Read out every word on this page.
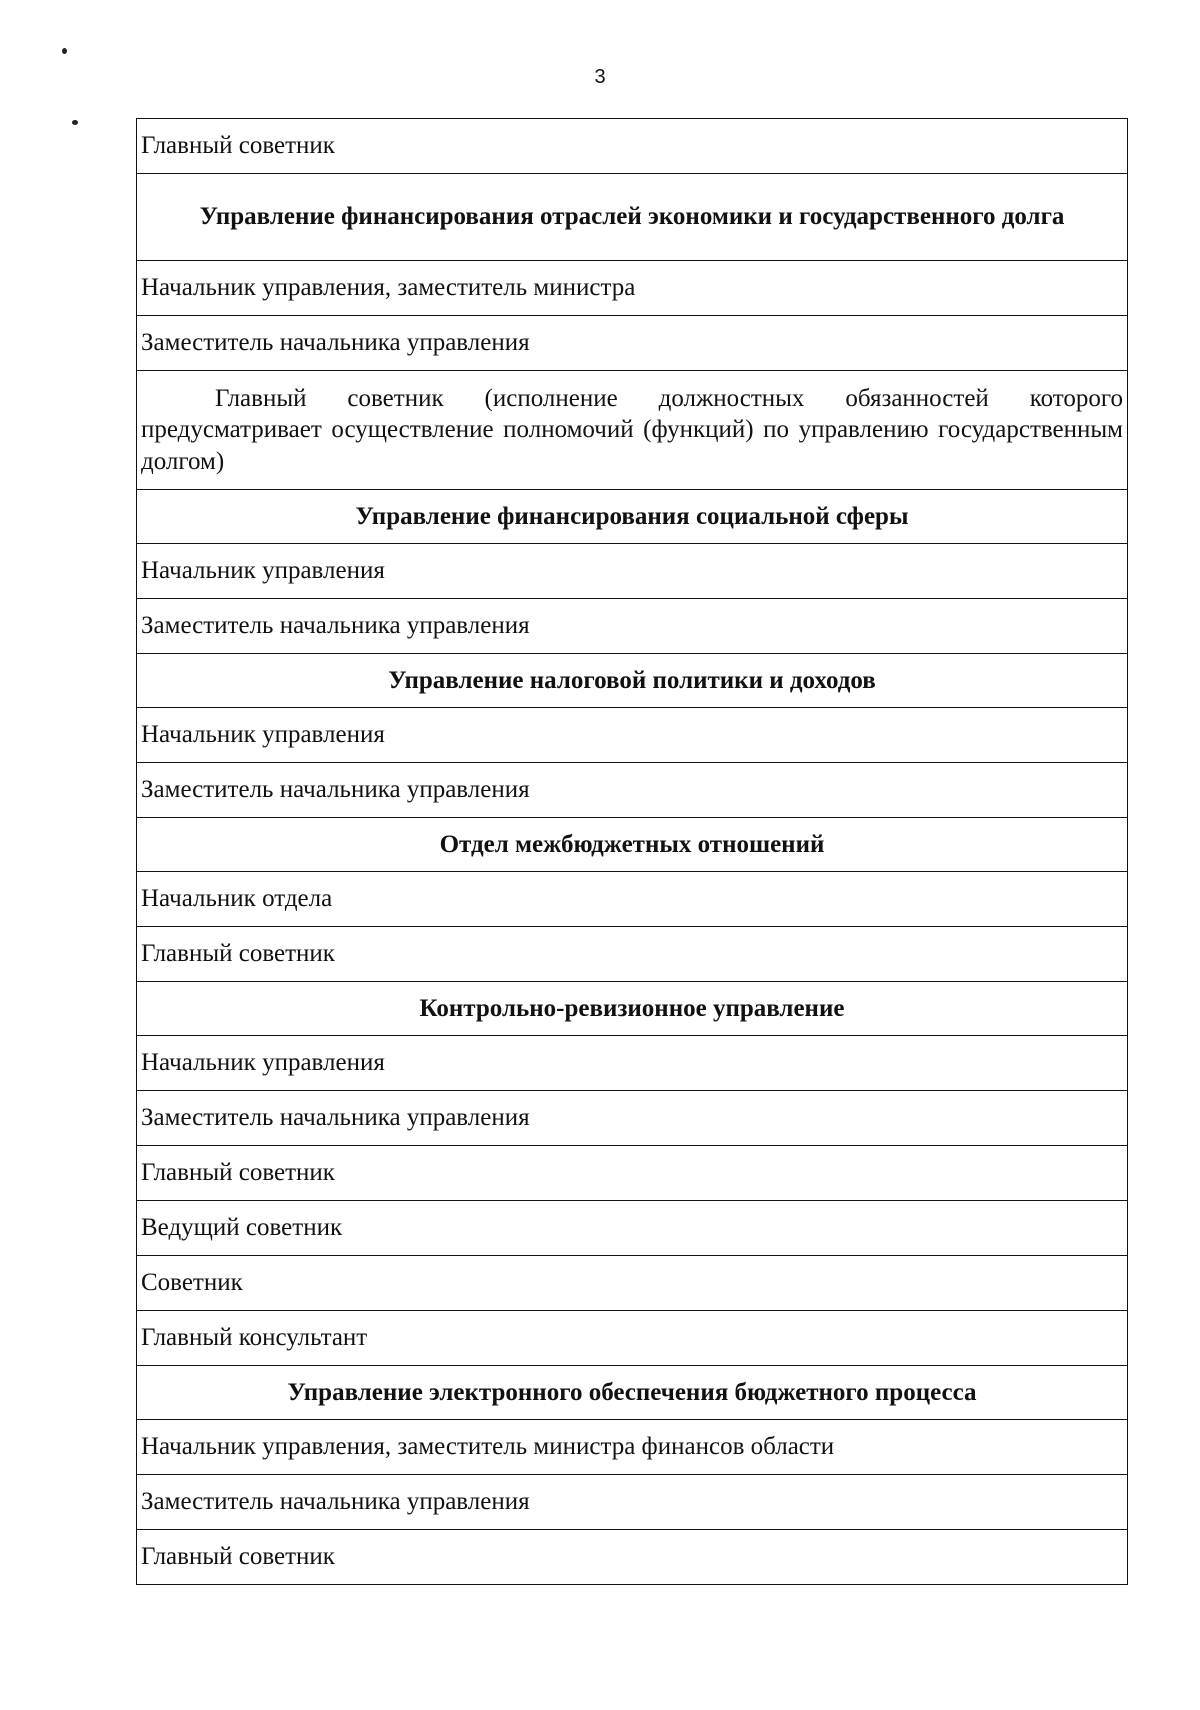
3
Главный советник
Управление финансирования отраслей экономики и государственного долга
Начальник управления, заместитель министра
Заместитель начальника управления
Главный советник (исполнение должностных обязанностей которого предусматривает осуществление полномочий (функций) по управлению государственным долгом)
Управление финансирования социальной сферы
Начальник управления
Заместитель начальника управления
Управление налоговой политики и доходов
Начальник управления
Заместитель начальника управления
Отдел межбюджетных отношений
Начальник отдела
Главный советник
Контрольно-ревизионное управление
Начальник управления
Заместитель начальника управления
Главный советник
Ведущий советник
Советник
Главный консультант
Управление электронного обеспечения бюджетного процесса
Начальник управления, заместитель министра финансов области
Заместитель начальника управления
Главный советник
